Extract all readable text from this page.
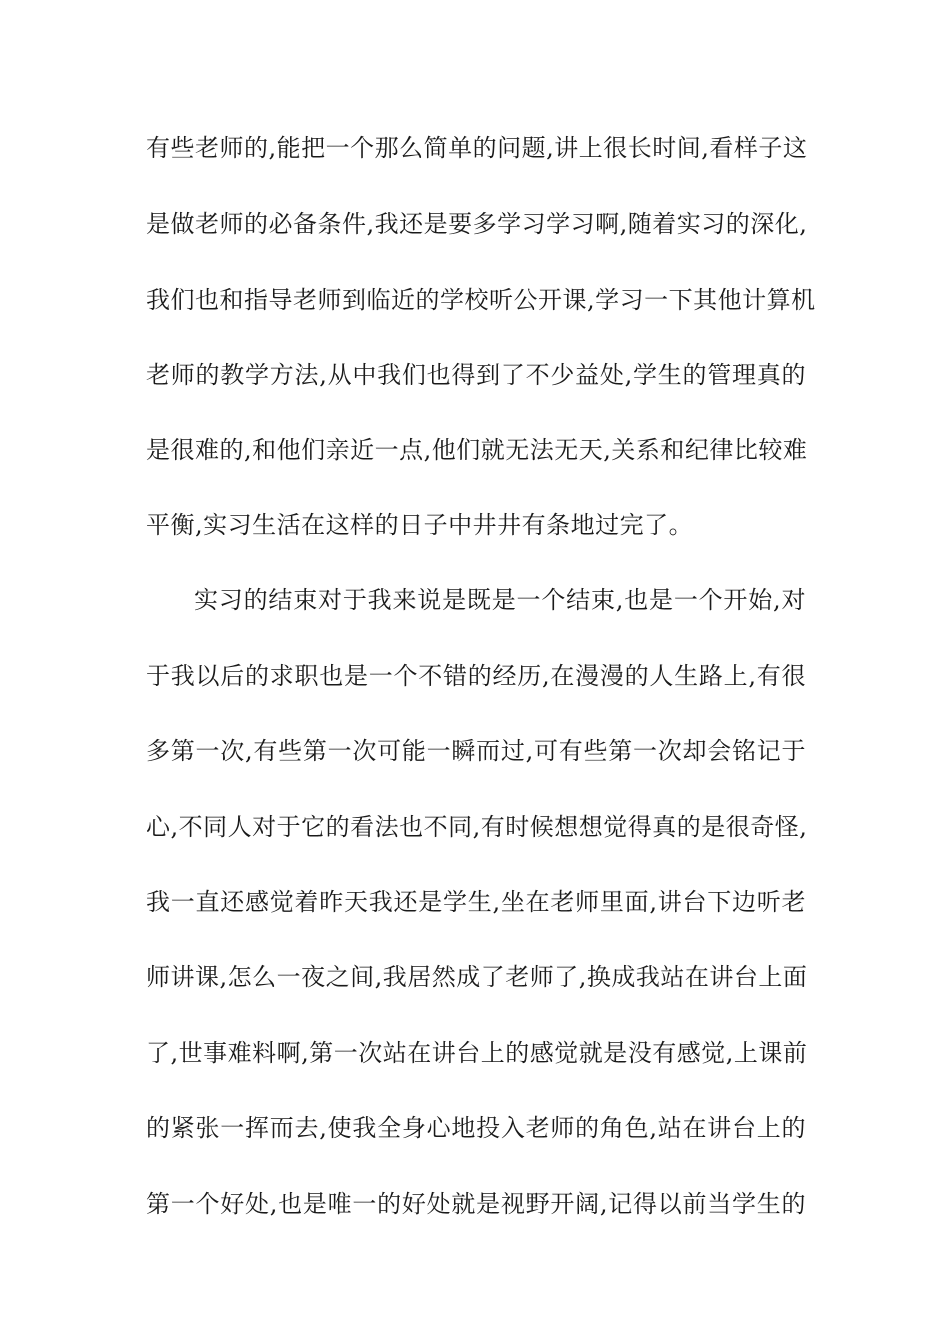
有些老师的,能把一个那么简单的问题,讲上很长时间,看样子这
是做老师的必备条件,我还是要多学习学习啊,随着实习的深化,
我们也和指导老师到临近的学校听公开课,学习一下其他计算机
老师的教学方法,从中我们也得到了不少益处,学生的管理真的
是很难的,和他们亲近一点,他们就无法无天,关系和纪律比较难
平衡,实习生活在这样的日子中井井有条地过完了。
实习的结束对于我来说是既是一个结束,也是一个开始,对
于我以后的求职也是一个不错的经历,在漫漫的人生路上,有很
多第一次,有些第一次可能一瞬而过,可有些第一次却会铭记于
心,不同人对于它的看法也不同,有时候想想觉得真的是很奇怪,
我一直还感觉着昨天我还是学生,坐在老师里面,讲台下边听老
师讲课,怎么一夜之间,我居然成了老师了,换成我站在讲台上面
了,世事难料啊,第一次站在讲台上的感觉就是没有感觉,上课前
的紧张一挥而去,使我全身心地投入老师的角色,站在讲台上的
第一个好处,也是唯一的好处就是视野开阔,记得以前当学生的
